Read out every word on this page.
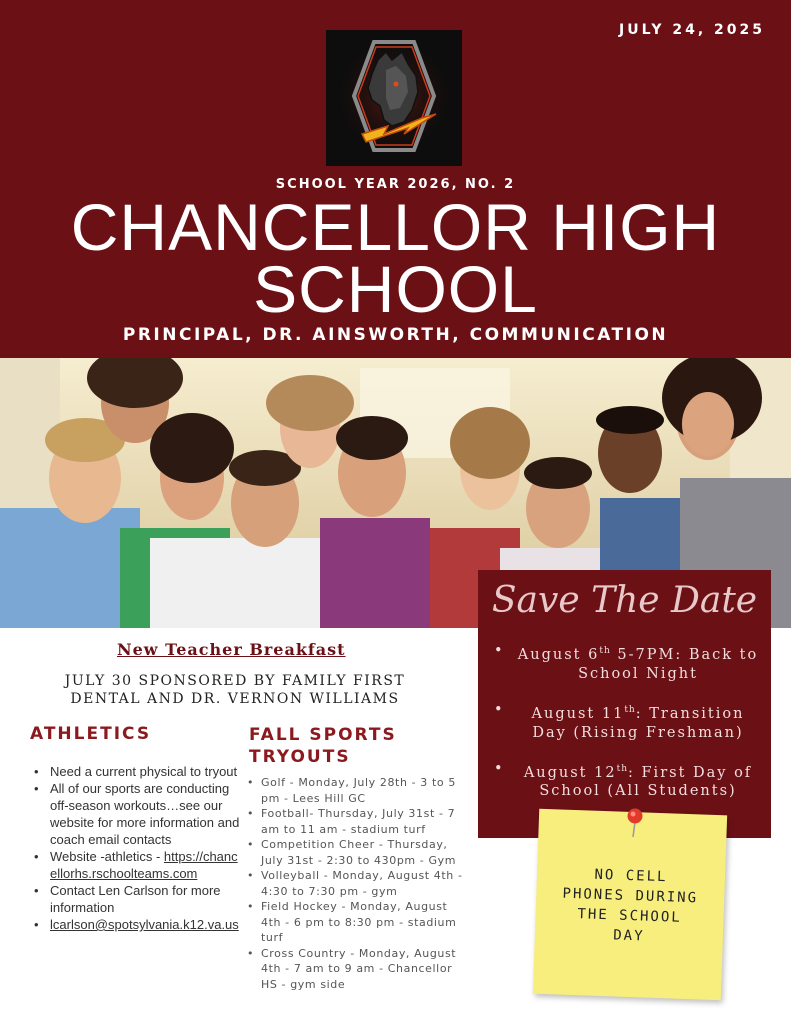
JULY 24, 2025
SCHOOL YEAR 2026, NO. 2
CHANCELLOR HIGH
SCHOOL
PRINCIPAL, DR. AINSWORTH, COMMUNICATION
Save The Date
• August 6th 5-7PM: Back to School Night
• August 11th: Transition Day (Rising Freshman)
• August 12th: First Day of School (All Students)
New Teacher Breakfast
JULY 30 SPONSORED BY FAMILY FIRST
DENTAL AND DR. VERNON WILLIAMS
ATHLETICS
• Need a current physical to tryout
• All of our sports are conducting off-season workouts…see our website for more information and coach email contacts
• Website -athletics - https://chancellorhs.rschoolteams.com
• Contact Len Carlson for more information
• lcarlson@spotsylvania.k12.va.us
FALL SPORTS TRYOUTS
• Golf - Monday, July 28th - 3 to 5 pm - Lees Hill GC
• Football- Thursday, July 31st - 7 am to 11 am - stadium turf
• Competition Cheer - Thursday, July 31st - 2:30 to 430pm - Gym
• Volleyball - Monday, August 4th - 4:30 to 7:30 pm - gym
• Field Hockey - Monday, August 4th - 6 pm to 8:30 pm - stadium turf
• Cross Country - Monday, August 4th - 7 am to 9 am - Chancellor HS - gym side
NO CELL
PHONES DURING
THE SCHOOL
DAY
